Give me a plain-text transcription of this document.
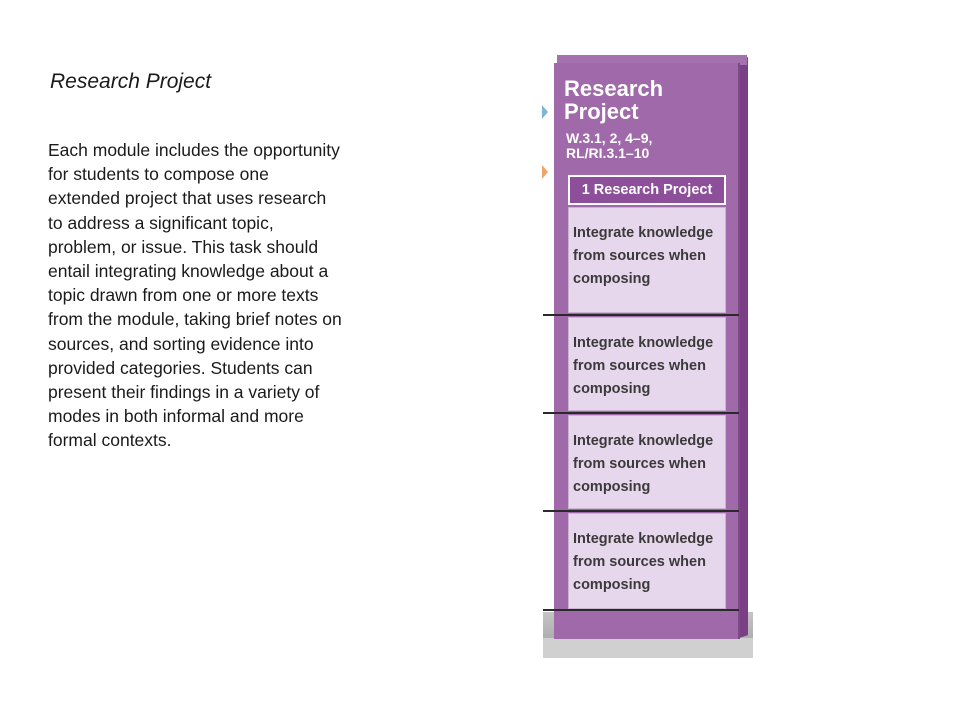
Research Project
Each module includes the opportunity for students to compose one extended project that uses research to address a significant topic, problem, or issue. This task should entail integrating knowledge about a topic drawn from one or more texts from the module, taking brief notes on sources, and sorting evidence into provided categories. Students can present their findings in a variety of modes in both informal and more formal contexts.
Research
Project
W.3.1, 2, 4–9,
RL/RI.3.1–10
1 Research Project
Integrate knowledge from sources when composing
Integrate knowledge from sources when composing
Integrate knowledge from sources when composing
Integrate knowledge from sources when composing
